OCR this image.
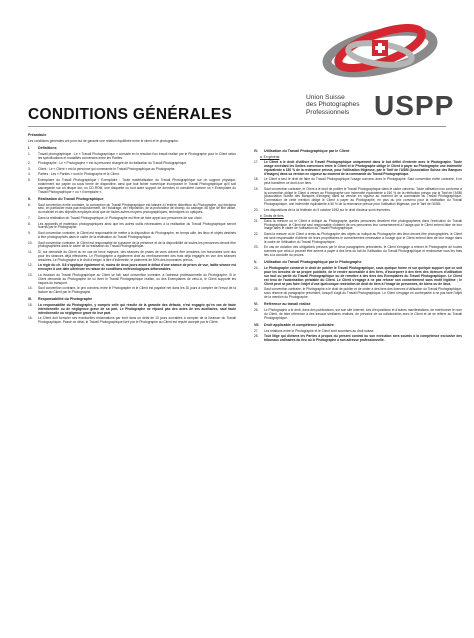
Union Suisse
des Photographes
Professionnels USPP
CONDITIONS GÉNÉRALES
Préambule
Les conditions générales ont pour but de garantir une relation équilibrée entre le client et le photographe.
I. Définitions
1.	Travail photographique : Le « Travail Photographique » consiste en le résultat d'un travail réalisé par le Photographe pour le Client selon les spécifications et modalités convenues entre les Parties.
2.	Photographe : Le « Photographe » est la personne chargée de la réalisation du Travail Photographique.
3.	Client : Le « Client » est la personne qui commande le Travail Photographique au Photographe.
4.	Parties : Les « Parties » sont le Photographe et le Client.
5.	Exemplaire du Travail Photographique / Exemplaire : Toute matérialisation du Travail Photographique sur un support physique, notamment sur papier ou sous forme de diapositive, ainsi que tout fichier numérique incorporant le Travail Photographique qu'il soit sauvegardé sur un disque dur, un CD-ROM, une disquette ou tout autre support de données et considéré comme un « Exemplaire du Travail Photographique » ou « Exemplaire ».
II. Réalisation du Travail Photographique
6.	Sauf convention écrite contraire, la conception du Travail Photographique est laissée à l'entière discrétion du Photographe, qui décidera seul, en particulier mais pas exclusivement, de l'éclairage, de l'exposition, de la profondeur de champ, du cadrage, du type de film utilisé, du matériel et des objectifs employés ainsi que de toutes autres moyens photographiques, techniques ou optiques.
7.	Dans la réalisation du Travail Photographique, le Photographe est libre de faire appel aux personnes de son choix.
8.	Les appareils et matériaux photographiques ainsi que les autres outils nécessaires à la réalisation du Travail Photographique seront fournis par le Photographe.
9.	Sauf convention contraire, le Client est responsable de mettre à la disposition du Photographe, en temps utile, les lieux et objets destinés à être photographiés dans le cadre de la réalisation du Travail Photographique.
10.	Sauf convention contraire, le Client est responsable de s'assurer de la présence et de la disponibilité de toutes les personnes devant être photographiées dans le cadre de la réalisation du Travail Photographique.
11.	Si, sur demande du Client ou en cas de force majeure, des séances de prises de vues doivent être annulées, les honoraires sont dus pour les séances déjà effectuées. Le Photographe a également droit au remboursement des frais déjà engagés en vue des séances annulées. Le Photographe a le droit d'exiger, à titre d'indemnité, le paiement de 50% des honoraires prévus.
12.	La règle du ch. II.6 s'applique également si, moins de deux jours avant le début d'une séance de prises de vue, ladite séance est renvoyée à une date ultérieure en raison de conditions météorologiques défavorables.
13.	La livraison du Travail Photographique au Client se fait, sauf convention contraire, à l'adresse professionnelle du Photographe. Si le Client demande au Photographe de lui livrer le Travail Photographique réalisé, ou des Exemplaires de celui-ci, le Client supporte les risques du transport.
14.	Sauf convention contraire, le prix convenu entre le Photographe et le Client est payable net dans les 30 jours à compter de l'envoi de la facture au Client par le Photographe.
III. Responsabilité du Photographe
15.	La responsabilité du Photographe, y compris celle qui résulte de la garantie des défauts, n'est engagée qu'en cas de faute intentionnelle ou de négligence grave de sa part. Le Photographe ne répond pas des actes de ses auxiliaires, sauf faute intentionnelle ou négligence grave de leur part.
16.	Le Client doit formuler ses éventuelles réclamations par écrit dans un délai de 10 jours ouvrables à compter de la livraison du Travail Photographique. Passé ce délai, le Travail Photographique livré par le Photographe au Client est réputé accepté par le Client.
IV. Utilisation du Travail Photographique par le Client
a. En général
17.	Le Client a le droit d'utiliser le Travail Photographique uniquement dans le but défini d'entente avec le Photographe. Toute usage excédant les limites convenues entre le Client et le Photographe oblige le Client à payer au Photographe une indemnité équivalente à 150 % de la redevance prévue, pour l'utilisation litigieuse, par le Tarif de l'ASBI (Association Suisse des Banques d'Images) dans sa version en vigueur au moment de la commande du Travail Photographique.
18.	Le Client a seul le droit de faire du Travail Photographique l'usage convenu avec le Photographe. Sauf convention écrite contraire, il ne peut transférer ce droit à un tiers.
19.	Sauf convention contraire, le Client a le droit de publier le Travail Photographique dans le cadre convenu. Toute utilisation non conforme à la convention oblige le Client à verser au Photographe une indemnité équivalente à 150 % de la rétribution prévue par le Tarif de l'ASBI (Association Suisse des Banques d'Images) dans sa version en vigueur au moment de la commande du Travail Photographique. Commission de cette mention oblige le Client à payer au Photographe, en plus du prix convenu pour la réalisation du Travail Photographique, une indemnité équivalente à 50 % de la redevance prévue pour l'utilisation litigieuse, par le Tarif de l'ASBI.
20.	Les dispositions de la loi fédérale du 9 octobre 1992 sur le droit d'auteur sont réservées.
b. Droits de tiers
21.	Dans la mesure où le Client a indiqué au Photographe quelles personnes devaient être photographiées dans l'exécution du Travail Photographique, le Client est seul responsable d'obtenir de ces personnes leur consentement à l'usage que le Client entend faire de leur image dans le cadre de l'utilisation du Travail Photographique.
22.	Dans la mesure où le Client a remis au Photographe des objets ou indiqué au Photographe des lieux devant être photographiés, le Client est seul responsable d'obtenir de leurs propriétaires le consentement nécessaire à l'usage que le Client entend faire de leur image dans le cadre de l'utilisation du Travail Photographique.
23.	En cas de violation des obligations prévues par le deux paragraphes précédents, le Client s'engage à relever le Photographe de toutes sommes que celui-ci pourrait être amené à payer à des tiers du fait de l'utilisation du Travail Photographique et rembourser tous les frais liés à la conduite du procès.
V. Utilisation du Travail Photographique par le Photographe
24.	Le Photographe conserve le droit de publier le Travail Photographique, sous quelque forme et sur quelque support que ce soit pour les besoins de sa propre publicité, de le rendre accessible à des tiers, d'incorporer à des tiers des licences d'utilisation sur tout ou partie du Travail Photographique ou de remettre à des tiers des Exemplaires du Travail Photographique. Le Client est tenu de l'autorisation préalable du Client. Le Client s'engage à ne pas refuser son consentement sans motif légitime ; le Client peut ne pas faire l'objet d'une quelconque restriction de droit de tiers à l'image de personnes, de biens ou de lieux.
25.	Sauf convention contraire, le Photographe a le droit de publier et de céder à des tiers des licences d'utilisation du Travail Photographique, sous réserve du paragraphe précédent, lorsqu'il s'agit du Travail Photographique. Le Client s'engage en contrepartie à ne pas faire l'objet de la mention du Photographe.
VI. Référence au travail réalisé
26.	Le Photographe a le droit, dans des publications, sur son site Internet, lors d'expositions et d'autres manifestations, de mentionner le nom du Client, de faire référence à des travaux similaires réalisés, de prévaloir de sa collaboration avec le Client et de se référer au Travail Photographique.
VII. Droit applicable et compétence judiciaire
27.	Les relations entre le Photographe et le Client sont soumises au droit suisse.
28.	Tout litige qui divisera les Parties à propos du présent contrat ou son exécution sera soumis à la compétence exclusive des tribunaux ordinaires du lieu où le Photographe a son adresse professionnelle.
